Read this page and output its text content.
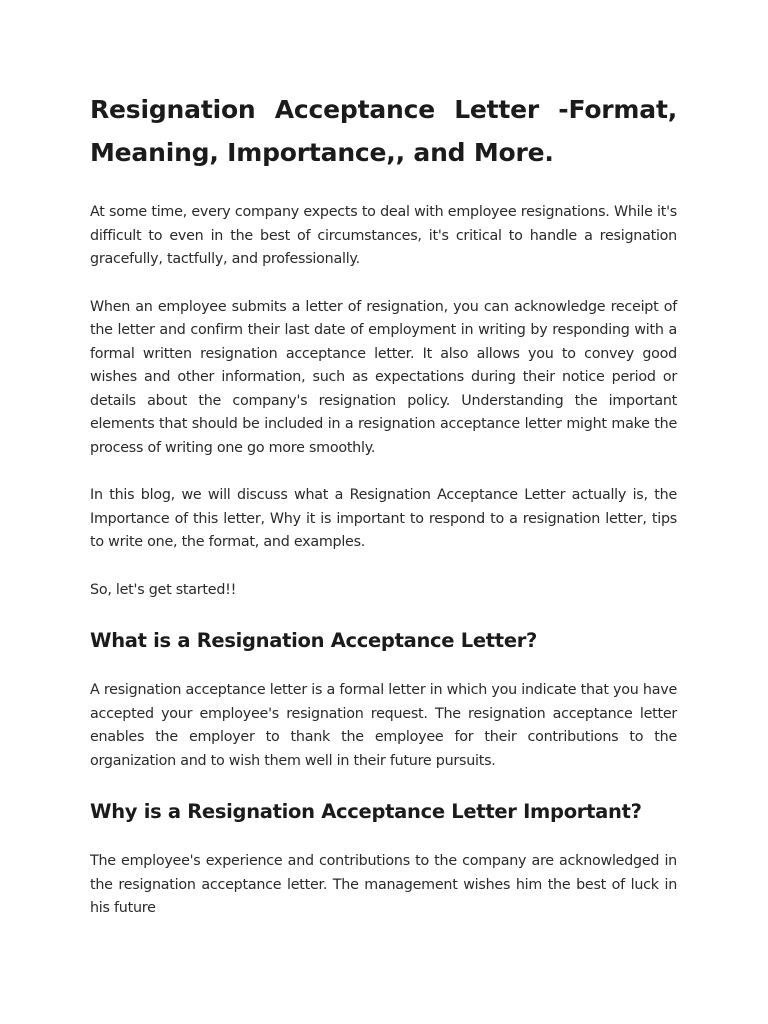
Resignation Acceptance Letter -Format, Meaning, Importance,, and More.

At some time, every company expects to deal with employee resignations. While it's difficult to even in the best of circumstances, it's critical to handle a resignation gracefully, tactfully, and professionally.

When an employee submits a letter of resignation, you can acknowledge receipt of the letter and confirm their last date of employment in writing by responding with a formal written resignation acceptance letter. It also allows you to convey good wishes and other information, such as expectations during their notice period or details about the company's resignation policy. Understanding the important elements that should be included in a resignation acceptance letter might make the process of writing one go more smoothly.

In this blog, we will discuss what a Resignation Acceptance Letter actually is, the Importance of this letter, Why it is important to respond to a resignation letter, tips to write one, the format, and examples.

So, let's get started!!

What is a Resignation Acceptance Letter?

A resignation acceptance letter is a formal letter in which you indicate that you have accepted your employee's resignation request. The resignation acceptance letter enables the employer to thank the employee for their contributions to the organization and to wish them well in their future pursuits.

Why is a Resignation Acceptance Letter Important?

The employee's experience and contributions to the company are acknowledged in the resignation acceptance letter. The management wishes him the best of luck in his future
